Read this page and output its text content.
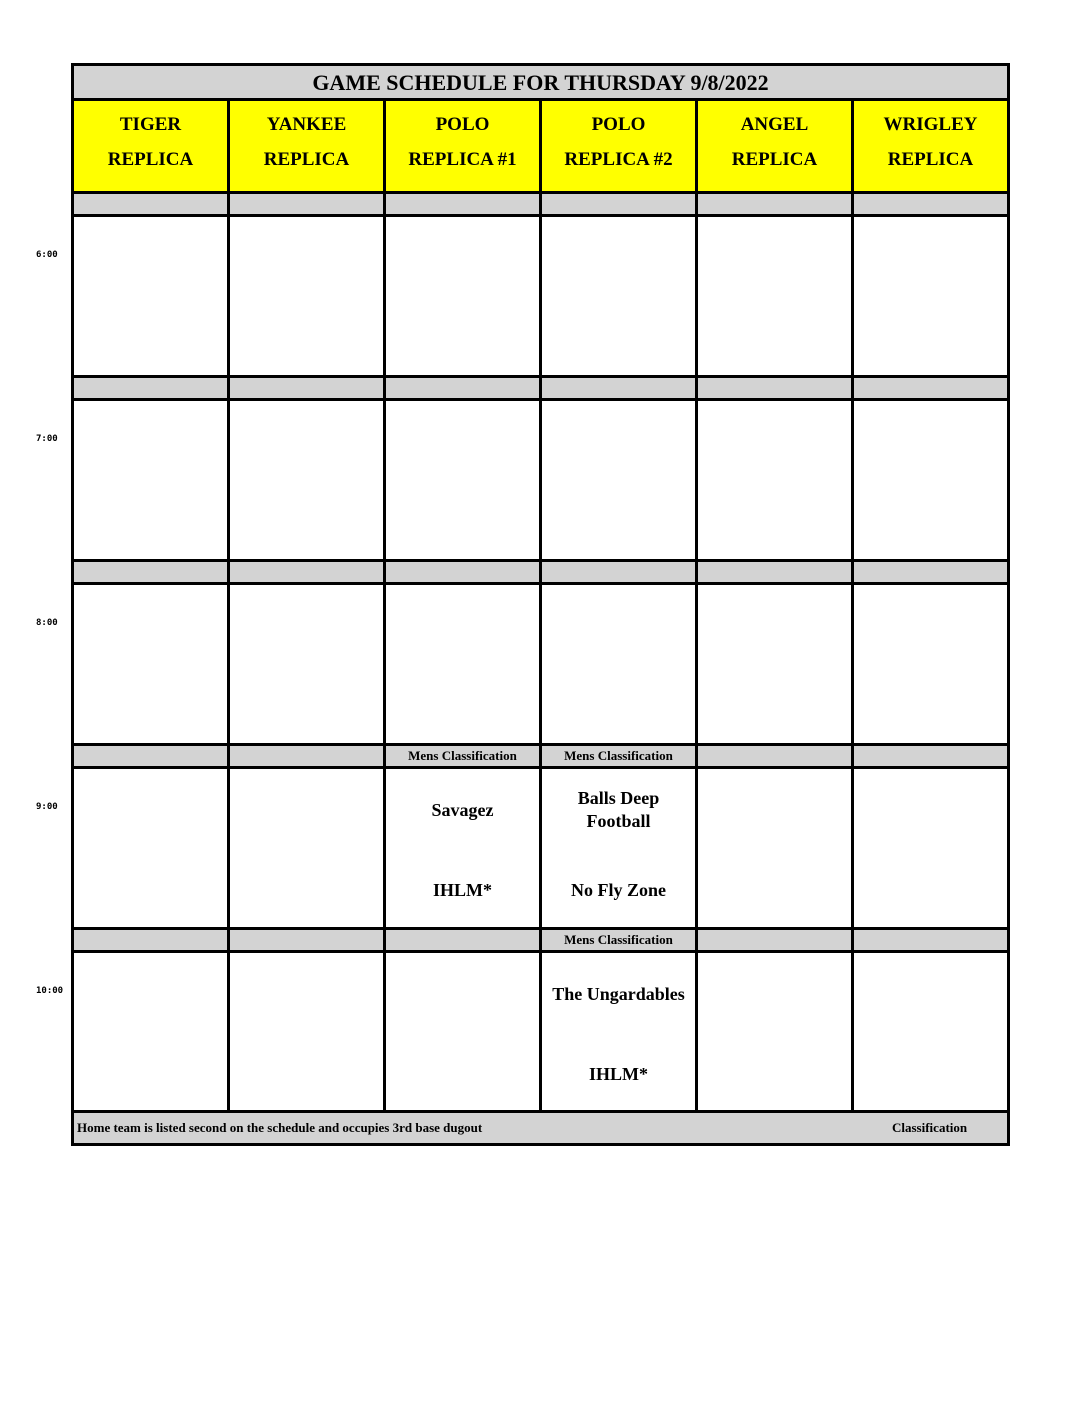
6:00
7:00
8:00
9:00
10:00
GAME SCHEDULE FOR THURSDAY 9/8/2022
TIGER
REPLICA
YANKEE
REPLICA
POLO
REPLICA #1
POLO
REPLICA #2
ANGEL
REPLICA
WRIGLEY
REPLICA
Mens Classification	Mens Classification
Savagez
IHLM*
Balls Deep
Football
No Fly Zone
Mens Classification
The Ungardables
IHLM*
Home team is listed second on the schedule and occupies 3rd base dugout	Classification
